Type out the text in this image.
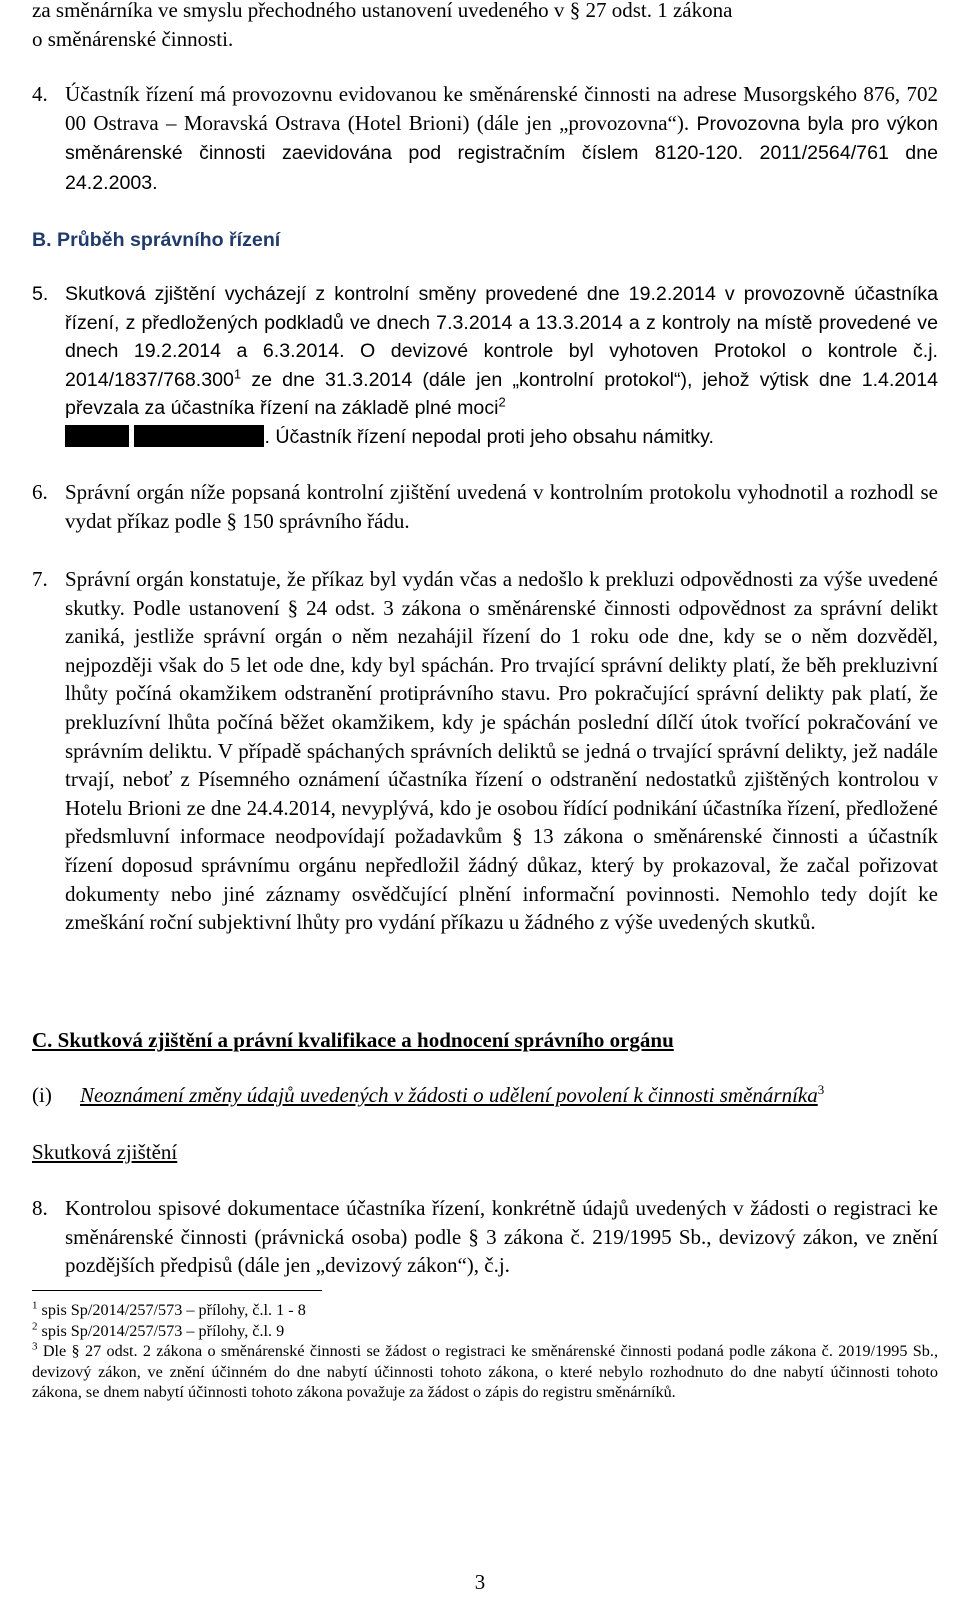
za směnárníka ve smyslu přechodného ustanovení uvedeného v § 27 odst. 1 zákona
o směnárenské činnosti.
4. Účastník řízení má provozovnu evidovanou ke směnárenské činnosti na adrese Musorgského 876, 702 00 Ostrava – Moravská Ostrava (Hotel Brioni) (dále jen „provozovna“). Provozovna byla pro výkon směnárenské činnosti zaevidována pod registračním číslem 8120-120. 2011/2564/761 dne 24.2.2003.
B. Průběh správního řízení
5. Skutková zjištění vycházejí z kontrolní směny provedené dne 19.2.2014 v provozovně účastníka řízení, z předložených podkladů ve dnech 7.3.2014 a 13.3.2014 a z kontroly na místě provedené ve dnech 19.2.2014 a 6.3.2014. O devizové kontrole byl vyhotoven Protokol o kontrole č.j. 2014/1837/768.300$^1$ ze dne 31.3.2014 (dále jen „kontrolní protokol“), jehož výtisk dne 1.4.2014 převzala za účastníka řízení na základě plné moci$^2$
. Účastník řízení nepodal proti jeho obsahu námitky.
6. Správní orgán níže popsaná kontrolní zjištění uvedená v kontrolním protokolu vyhodnotil a rozhodl se vydat příkaz podle § 150 správního řádu.
7. Správní orgán konstatuje, že příkaz byl vydán včas a nedošlo k prekluzi odpovědnosti za výše uvedené skutky. Podle ustanovení § 24 odst. 3 zákona o směnárenské činnosti odpovědnost za správní delikt zaniká, jestliže správní orgán o něm nezahájil řízení do 1 roku ode dne, kdy se o něm dozvěděl, nejpozději však do 5 let ode dne, kdy byl spáchán. Pro trvající správní delikty platí, že běh prekluzivní lhůty počíná okamžikem odstranění protiprávního stavu. Pro pokračující správní delikty pak platí, že prekluzívní lhůta počíná běžet okamžikem, kdy je spáchán poslední dílčí útok tvořící pokračování ve správním deliktu. V případě spáchaných správních deliktů se jedná o trvající správní delikty, jež nadále trvají, neboť z Písemného oznámení účastníka řízení o odstranění nedostatků zjištěných kontrolou v Hotelu Brioni ze dne 24.4.2014, nevyplývá, kdo je osobou řídící podnikání účastníka řízení, předložené předsmluvní informace neodpovídají požadavkům § 13 zákona o směnárenské činnosti a účastník řízení doposud správnímu orgánu nepředložil žádný důkaz, který by prokazoval, že začal pořizovat dokumenty nebo jiné záznamy osvědčující plnění informační povinnosti. Nemohlo tedy dojít ke zmeškání roční subjektivní lhůty pro vydání příkazu u žádného z výše uvedených skutků.
C. Skutková zjištění a právní kvalifikace a hodnocení správního orgánu
(i) Neoznámení změny údajů uvedených v žádosti o udělení povolení k činnosti směnárníka$^3$
Skutková zjištění
8. Kontrolou spisové dokumentace účastníka řízení, konkrétně údajů uvedených v žádosti o registraci ke směnárenské činnosti (právnická osoba) podle § 3 zákona č. 219/1995 Sb., devizový zákon, ve znění pozdějších předpisů (dále jen „devizový zákon“), č.j.
$^1$ spis Sp/2014/257/573 – přílohy, č.l. 1 - 8
$^2$ spis Sp/2014/257/573 – přílohy, č.l. 9
$^3$ Dle § 27 odst. 2 zákona o směnárenské činnosti se žádost o registraci ke směnárenské činnosti podaná podle zákona č. 2019/1995 Sb., devizový zákon, ve znění účinném do dne nabytí účinnosti tohoto zákona, o které nebylo rozhodnuto do dne nabytí účinnosti tohoto zákona, se dnem nabytí účinnosti tohoto zákona považuje za žádost o zápis do registru směnárníků.
3
